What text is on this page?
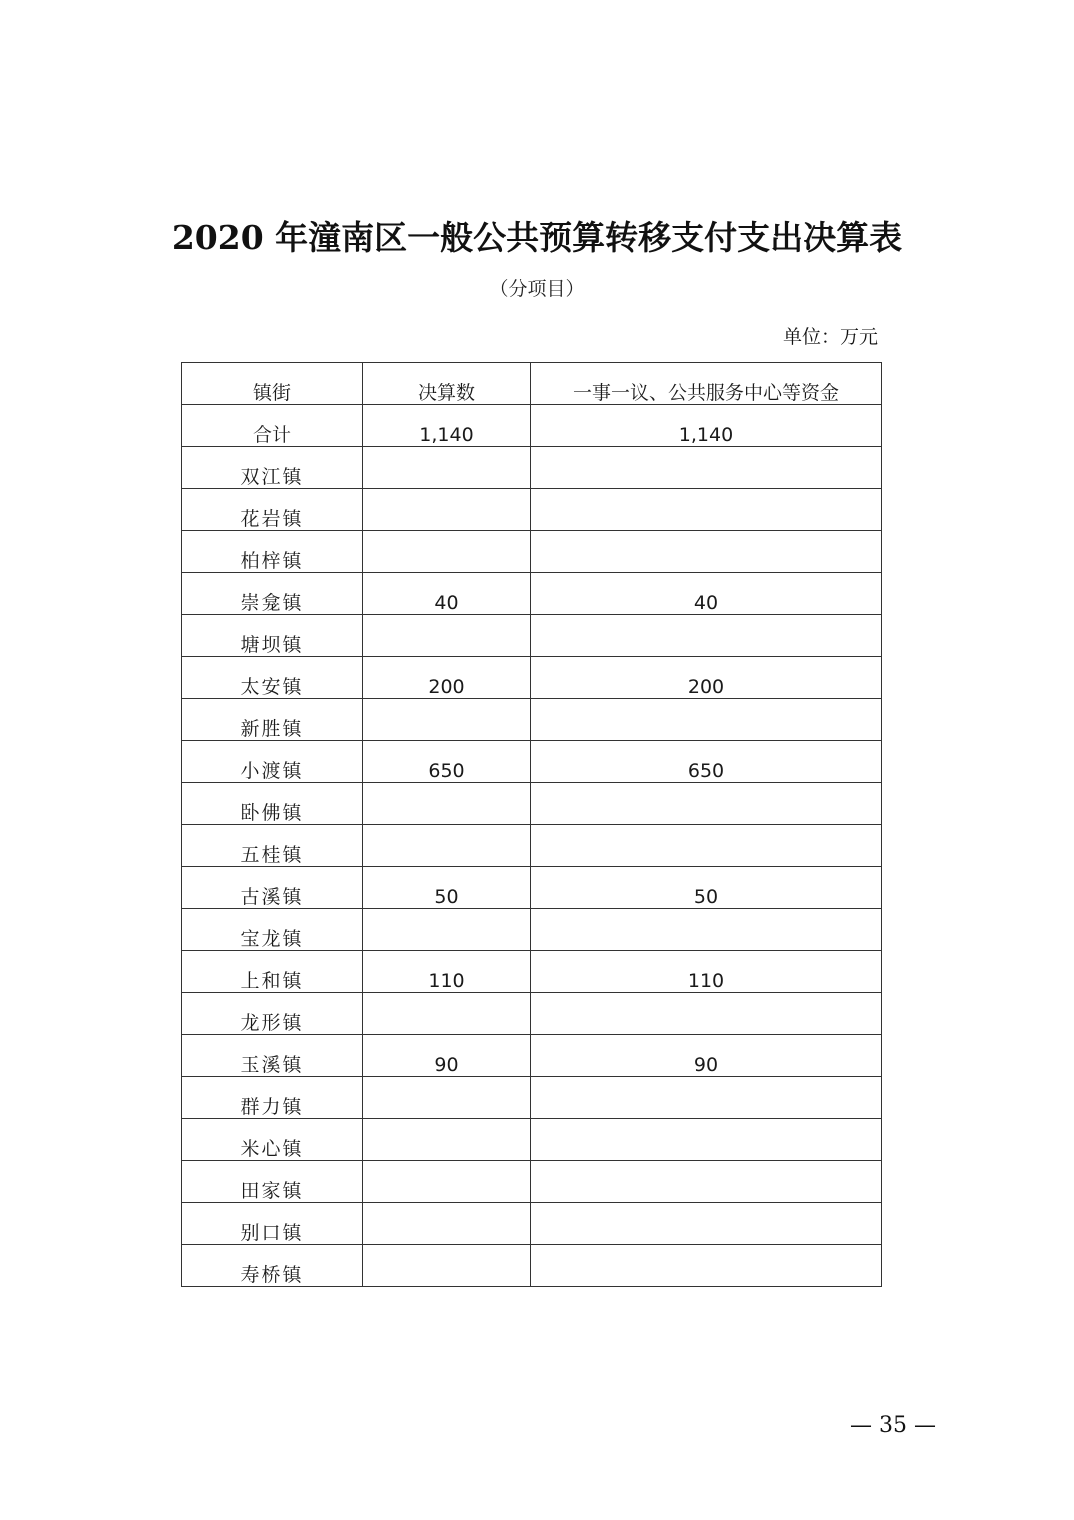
2020 年潼南区一般公共预算转移支付支出决算表
（分项目）
单位：万元
镇街	决算数	一事一议、公共服务中心等资金
合计	1,140	1,140
双江镇		
花岩镇		
柏梓镇		
崇龛镇	40	40
塘坝镇		
太安镇	200	200
新胜镇		
小渡镇	650	650
卧佛镇		
五桂镇		
古溪镇	50	50
宝龙镇		
上和镇	110	110
龙形镇		
玉溪镇	90	90
群力镇		
米心镇		
田家镇		
别口镇		
寿桥镇		
— 35 —
